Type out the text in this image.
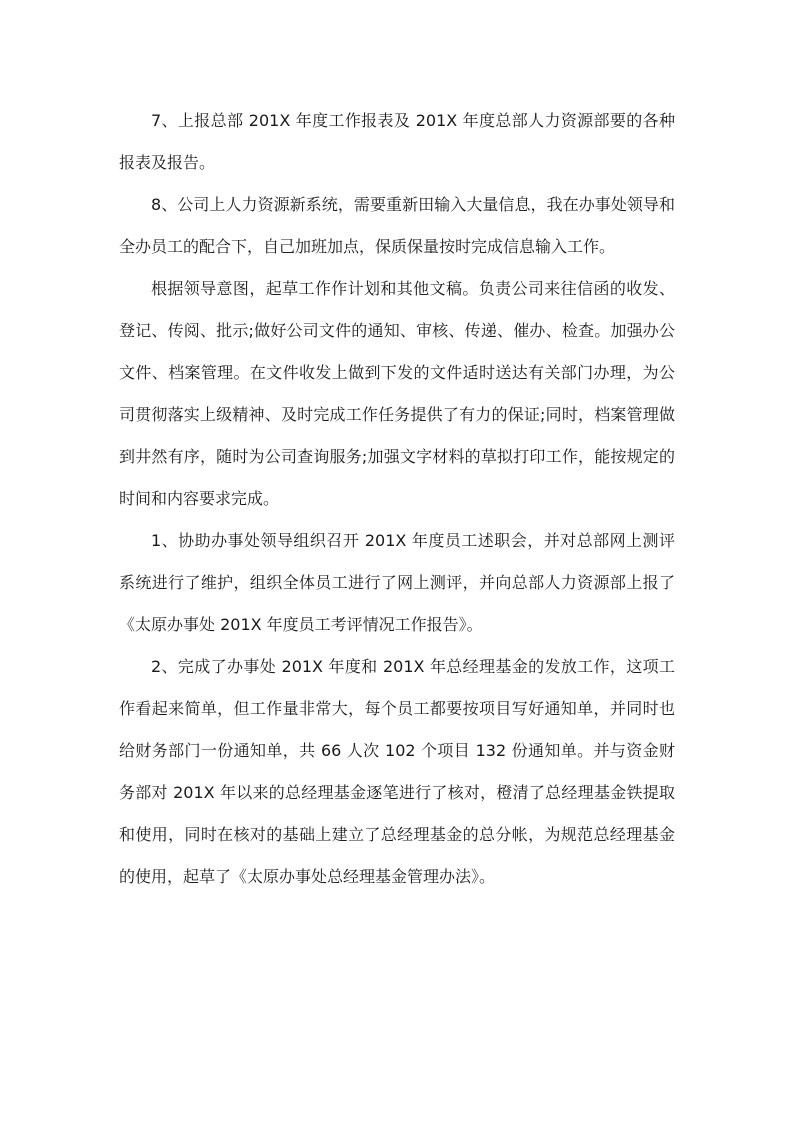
7、上报总部 201X 年度工作报表及 201X 年度总部人力资源部要的各种报表及报告。

8、公司上人力资源新系统，需要重新田输入大量信息，我在办事处领导和全办员工的配合下，自己加班加点，保质保量按时完成信息输入工作。

根据领导意图，起草工作作计划和其他文稿。负责公司来往信函的收发、登记、传阅、批示;做好公司文件的通知、审核、传递、催办、检查。加强办公文件、档案管理。在文件收发上做到下发的文件适时送达有关部门办理，为公司贯彻落实上级精神、及时完成工作任务提供了有力的保证;同时，档案管理做到井然有序，随时为公司查询服务;加强文字材料的草拟打印工作，能按规定的时间和内容要求完成。

1、协助办事处领导组织召开 201X 年度员工述职会，并对总部网上测评系统进行了维护，组织全体员工进行了网上测评，并向总部人力资源部上报了《太原办事处 201X 年度员工考评情况工作报告》。

2、完成了办事处 201X 年度和 201X 年总经理基金的发放工作，这项工作看起来简单，但工作量非常大，每个员工都要按项目写好通知单，并同时也给财务部门一份通知单，共 66 人次 102 个项目 132 份通知单。并与资金财务部对 201X 年以来的总经理基金逐笔进行了核对，橙清了总经理基金铁提取和使用，同时在核对的基础上建立了总经理基金的总分帐，为规范总经理基金的使用，起草了《太原办事处总经理基金管理办法》。
